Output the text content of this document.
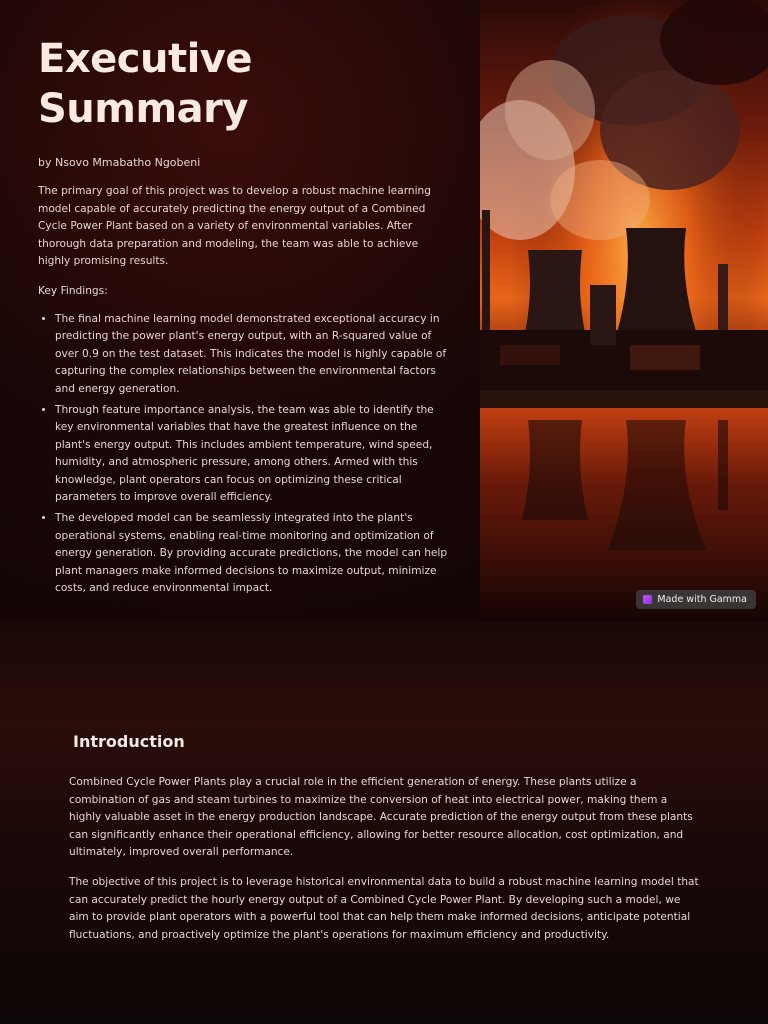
Executive
Summary
by Nsovo Mmabatho Ngobeni
The primary goal of this project was to develop a robust machine learning model capable of accurately predicting the energy output of a Combined Cycle Power Plant based on a variety of environmental variables. After thorough data preparation and modeling, the team was able to achieve highly promising results.
Key Findings:
• The final machine learning model demonstrated exceptional accuracy in predicting the power plant's energy output, with an R-squared value of over 0.9 on the test dataset. This indicates the model is highly capable of capturing the complex relationships between the environmental factors and energy generation.
• Through feature importance analysis, the team was able to identify the key environmental variables that have the greatest influence on the plant's energy output. This includes ambient temperature, wind speed, humidity, and atmospheric pressure, among others. Armed with this knowledge, plant operators can focus on optimizing these critical parameters to improve overall efficiency.
• The developed model can be seamlessly integrated into the plant's operational systems, enabling real-time monitoring and optimization of energy generation. By providing accurate predictions, the model can help plant managers make informed decisions to maximize output, minimize costs, and reduce environmental impact.
Made with Gamma
Introduction

Combined Cycle Power Plants play a crucial role in the efficient generation of energy. These plants utilize a combination of gas and steam turbines to maximize the conversion of heat into electrical power, making them a highly valuable asset in the energy production landscape. Accurate prediction of the energy output from these plants can significantly enhance their operational efficiency, allowing for better resource allocation, cost optimization, and ultimately, improved overall performance.

The objective of this project is to leverage historical environmental data to build a robust machine learning model that can accurately predict the hourly energy output of a Combined Cycle Power Plant. By developing such a model, we aim to provide plant operators with a powerful tool that can help them make informed decisions, anticipate potential fluctuations, and proactively optimize the plant's operations for maximum efficiency and productivity.
